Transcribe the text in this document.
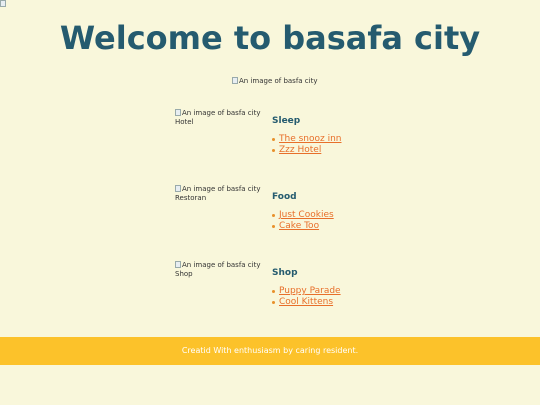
Welcome to basafa city
An image of basfa city
An image of basfa city Hotel	Sleep
The snooz inn
Zzz Hotel
An image of basfa city Restoran	Food
Just Cookies
Cake Too
An image of basfa city Shop	Shop
Puppy Parade
Cool Kittens
Creatid With enthusiasm by caring resident.
